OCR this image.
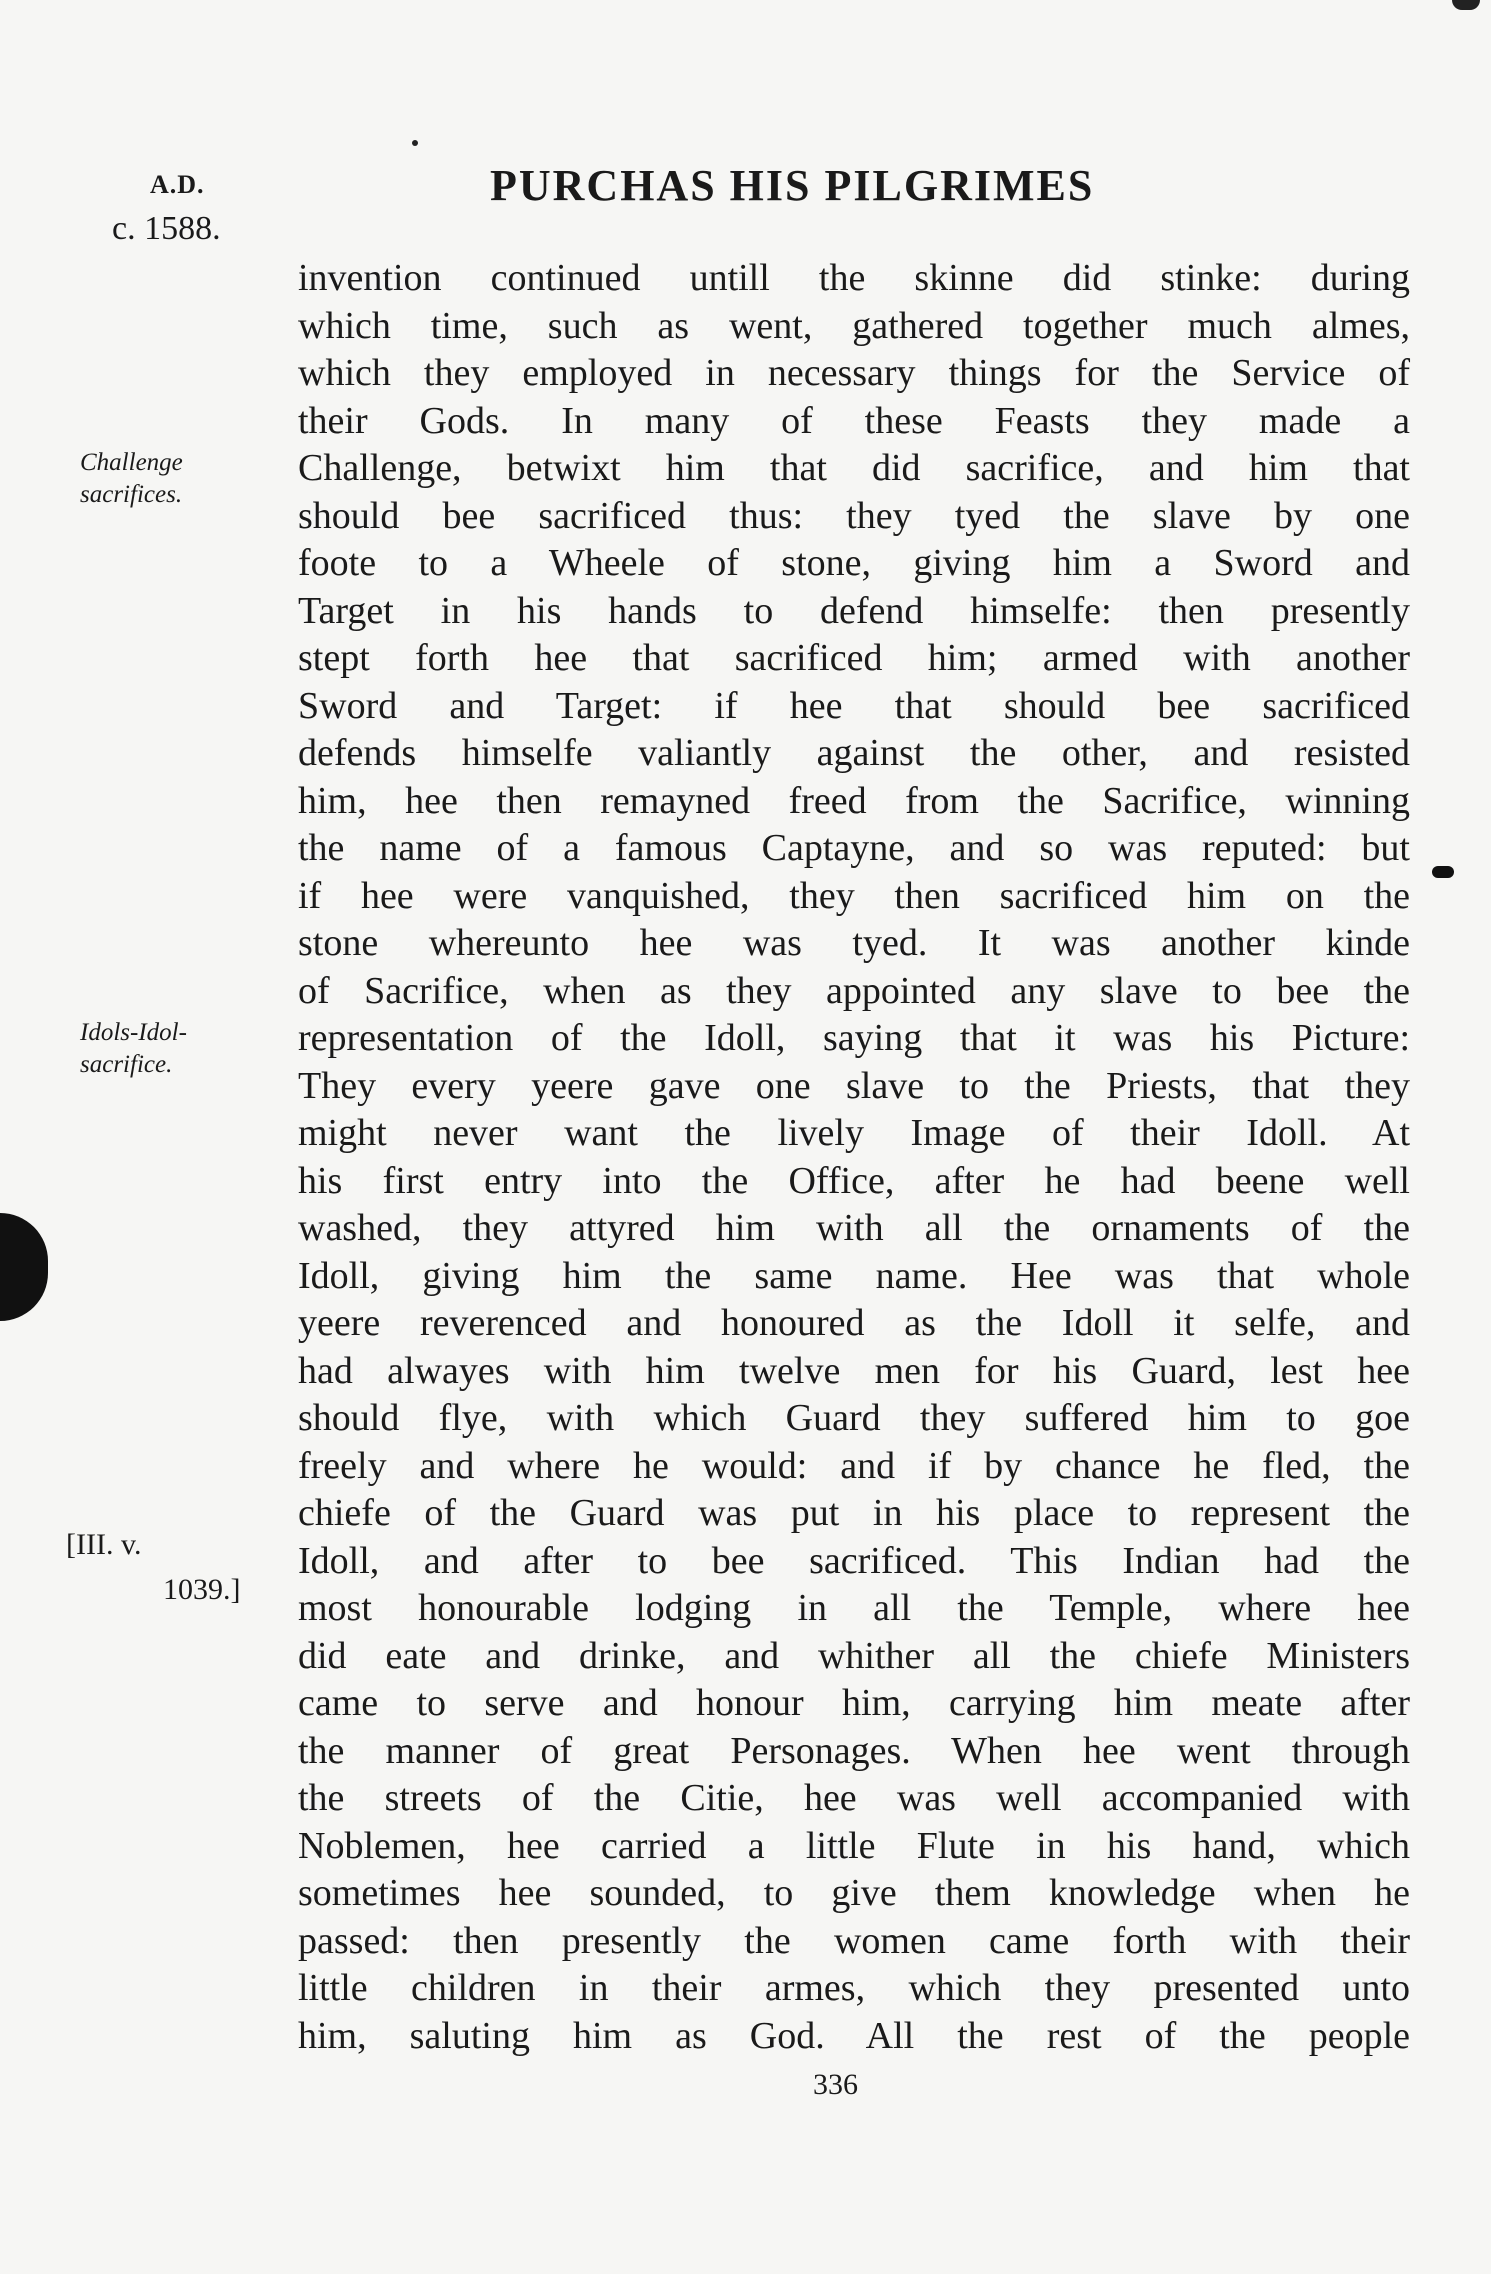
A.D.
c. 1588.
PURCHAS HIS PILGRIMES
Challenge
sacrifices.
Idols-Idol-
sacrifice.
[III. v.
1039.]
invention continued untill the skinne did stinke: during
which time, such as went, gathered together much almes,
which they employed in necessary things for the Service of
their Gods. In many of these Feasts they made a
Challenge, betwixt him that did sacrifice, and him that
should bee sacrificed thus: they tyed the slave by one
foote to a Wheele of stone, giving him a Sword and
Target in his hands to defend himselfe: then presently
stept forth hee that sacrificed him; armed with another
Sword and Target: if hee that should bee sacrificed
defends himselfe valiantly against the other, and resisted
him, hee then remayned freed from the Sacrifice, winning
the name of a famous Captayne, and so was reputed: but
if hee were vanquished, they then sacrificed him on the
stone whereunto hee was tyed. It was another kinde
of Sacrifice, when as they appointed any slave to bee the
representation of the Idoll, saying that it was his Picture:
They every yeere gave one slave to the Priests, that they
might never want the lively Image of their Idoll. At
his first entry into the Office, after he had beene well
washed, they attyred him with all the ornaments of the
Idoll, giving him the same name. Hee was that whole
yeere reverenced and honoured as the Idoll it selfe, and
had alwayes with him twelve men for his Guard, lest hee
should flye, with which Guard they suffered him to goe
freely and where he would: and if by chance he fled, the
chiefe of the Guard was put in his place to represent the
Idoll, and after to bee sacrificed. This Indian had the
most honourable lodging in all the Temple, where hee
did eate and drinke, and whither all the chiefe Ministers
came to serve and honour him, carrying him meate after
the manner of great Personages. When hee went through
the streets of the Citie, hee was well accompanied with
Noblemen, hee carried a little Flute in his hand, which
sometimes hee sounded, to give them knowledge when he
passed: then presently the women came forth with their
little children in their armes, which they presented unto
him, saluting him as God. All the rest of the people
336
